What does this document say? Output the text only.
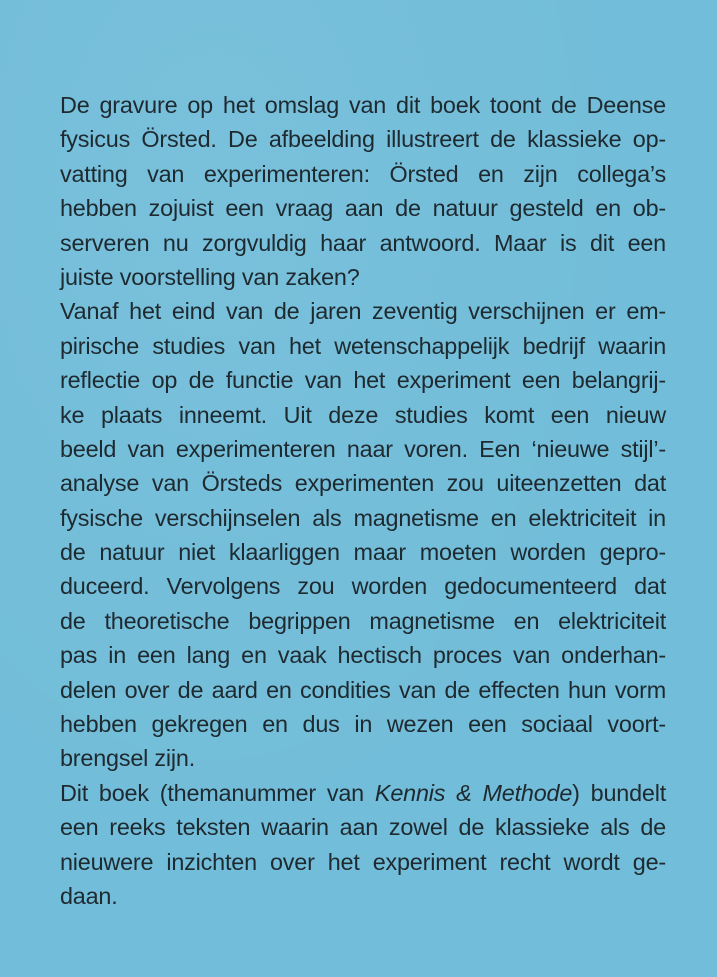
De gravure op het omslag van dit boek toont de Deense
fysicus Örsted. De afbeelding illustreert de klassieke op-
vatting van experimenteren: Örsted en zijn collega’s
hebben zojuist een vraag aan de natuur gesteld en ob-
serveren nu zorgvuldig haar antwoord. Maar is dit een
juiste voorstelling van zaken?
Vanaf het eind van de jaren zeventig verschijnen er em-
pirische studies van het wetenschappelijk bedrijf waarin
reflectie op de functie van het experiment een belangrij-
ke plaats inneemt. Uit deze studies komt een nieuw
beeld van experimenteren naar voren. Een ‘nieuwe stijl’-
analyse van Örsteds experimenten zou uiteenzetten dat
fysische verschijnselen als magnetisme en elektriciteit in
de natuur niet klaarliggen maar moeten worden gepro-
duceerd. Vervolgens zou worden gedocumenteerd dat
de theoretische begrippen magnetisme en elektriciteit
pas in een lang en vaak hectisch proces van onderhan-
delen over de aard en condities van de effecten hun vorm
hebben gekregen en dus in wezen een sociaal voort-
brengsel zijn.
Dit boek (themanummer van Kennis & Methode) bundelt
een reeks teksten waarin aan zowel de klassieke als de
nieuwere inzichten over het experiment recht wordt ge-
daan.
